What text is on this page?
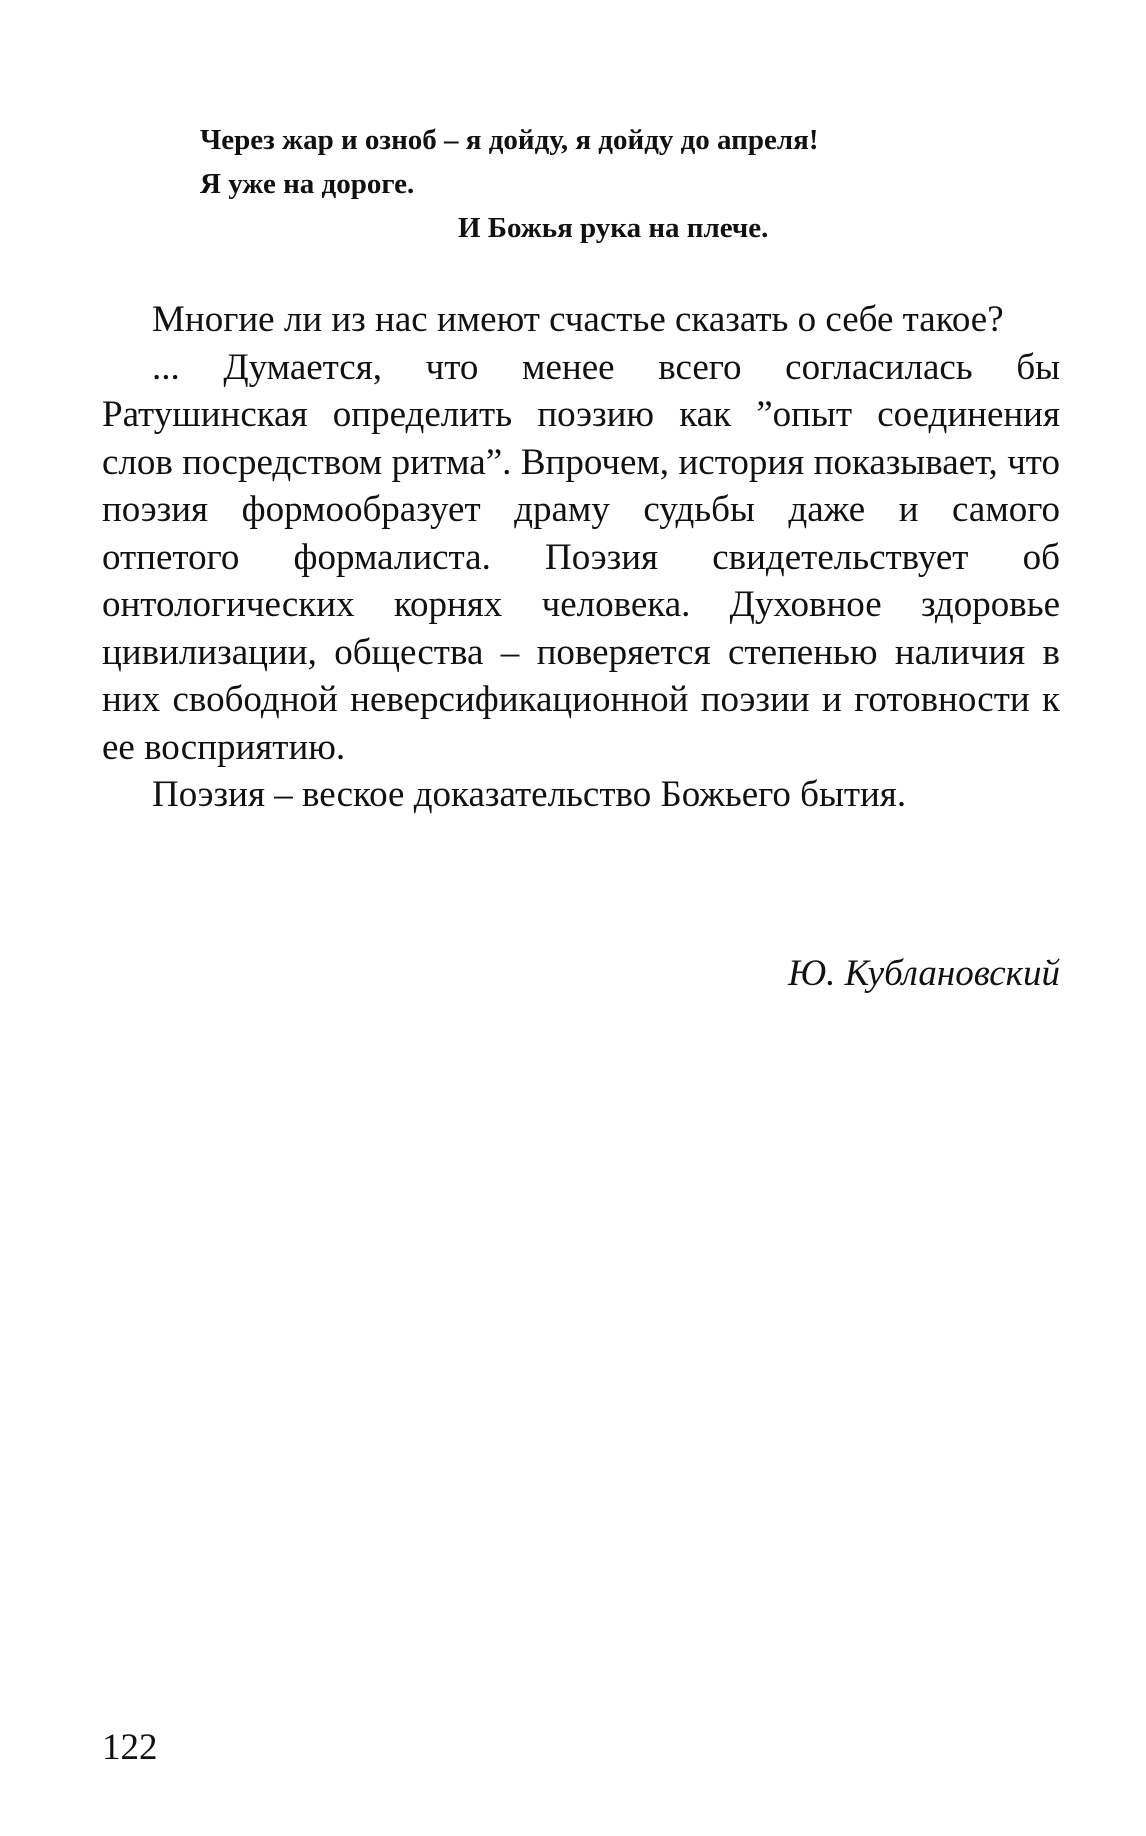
Через жар и озноб – я дойду, я дойду до апреля!
Я уже на дороге.
И Божья рука на плече.

Многие ли из нас имеют счастье сказать о себе такое?

... Думается, что менее всего согласилась бы Ратушинская определить поэзию как ”опыт соединения слов посредством ритма”. Впрочем, история показывает, что поэзия формообразует драму судьбы даже и самого отпетого формалиста. Поэзия свидетельствует об онтологических корнях человека. Духовное здоровье цивилизации, общества – поверяется степенью наличия в них свободной неверсификационной поэзии и готовности к ее восприятию.

Поэзия – веское доказательство Божьего бытия.

Ю. Кублановский
122
